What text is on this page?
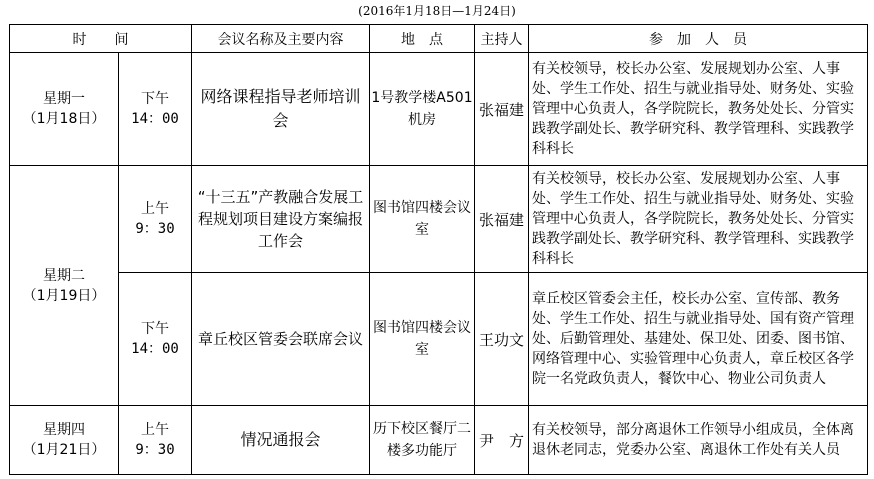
(2016年1月18日—1月24日)
时　　间		会议名称及主要内容	地　点	主持人	参　加　人　员

星期一
（1月18日）	下午
14：00	网络课程指导老师培训会	1号教学楼A501机房	张福建	有关校领导，校长办公室、发展规划办公室、人事处、学生工作处、招生与就业指导处、财务处、实验管理中心负责人，各学院院长，教务处处长、分管实践教学副处长、教学研究科、教学管理科、实践教学科科长

星期二
（1月19日）	上午
9：30	“十三五”产教融合发展工程规划项目建设方案编报工作会	图书馆四楼会议室	张福建	有关校领导，校长办公室、发展规划办公室、人事处、学生工作处、招生与就业指导处、财务处、实验管理中心负责人，各学院院长，教务处处长、分管实践教学副处长、教学研究科、教学管理科、实践教学科科长

	下午
14：00	章丘校区管委会联席会议	图书馆四楼会议室	王功文	章丘校区管委会主任，校长办公室、宣传部、教务处、学生工作处、招生与就业指导处、国有资产管理处、后勤管理处、基建处、保卫处、团委、图书馆、网络管理中心、实验管理中心负责人，章丘校区各学院一名党政负责人，餐饮中心、物业公司负责人

星期四
（1月21日）	上午
9：30	情况通报会	历下校区餐厅二楼多功能厅	尹　方	有关校领导，部分离退休工作领导小组成员，全体离退休老同志，党委办公室、离退休工作处有关人员
